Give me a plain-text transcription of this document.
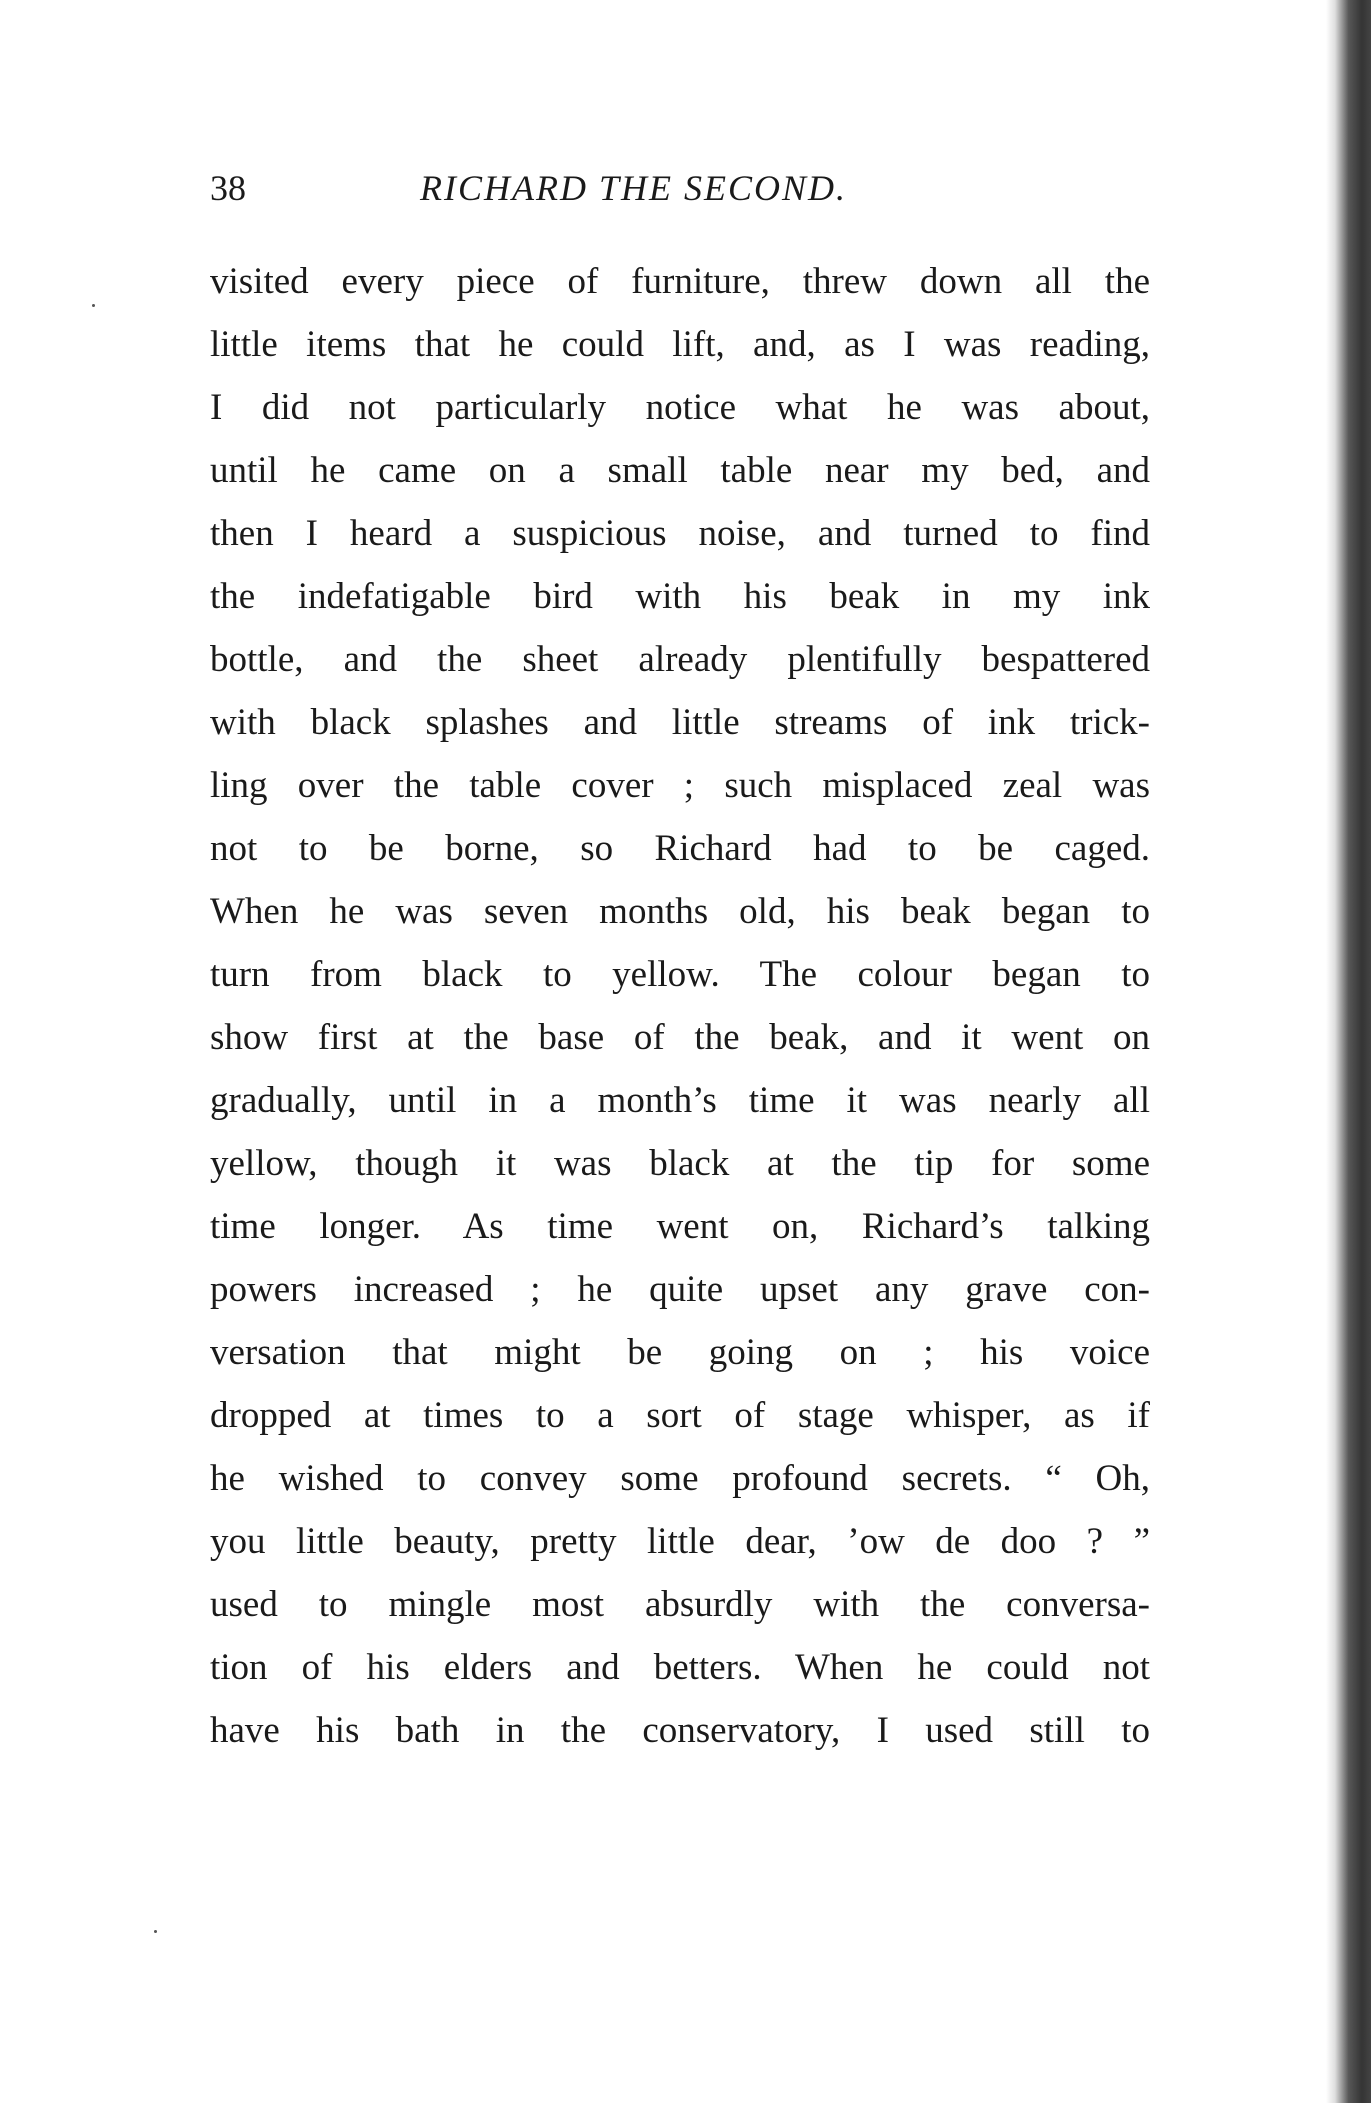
38	RICHARD THE SECOND.
visited every piece of furniture, threw down all the
little items that he could lift, and, as I was reading,
I did not particularly notice what he was about,
until he came on a small table near my bed, and
then I heard a suspicious noise, and turned to find
the indefatigable bird with his beak in my ink
bottle, and the sheet already plentifully bespattered
with black splashes and little streams of ink trick-
ling over the table cover ; such misplaced zeal was
not to be borne, so Richard had to be caged.
When he was seven months old, his beak began to
turn from black to yellow. The colour began to
show first at the base of the beak, and it went on
gradually, until in a month’s time it was nearly all
yellow, though it was black at the tip for some
time longer. As time went on, Richard’s talking
powers increased ; he quite upset any grave con-
versation that might be going on ; his voice
dropped at times to a sort of stage whisper, as if
he wished to convey some profound secrets. “ Oh,
you little beauty, pretty little dear, ’ow de doo ? ”
used to mingle most absurdly with the conversa-
tion of his elders and betters. When he could not
have his bath in the conservatory, I used still to
